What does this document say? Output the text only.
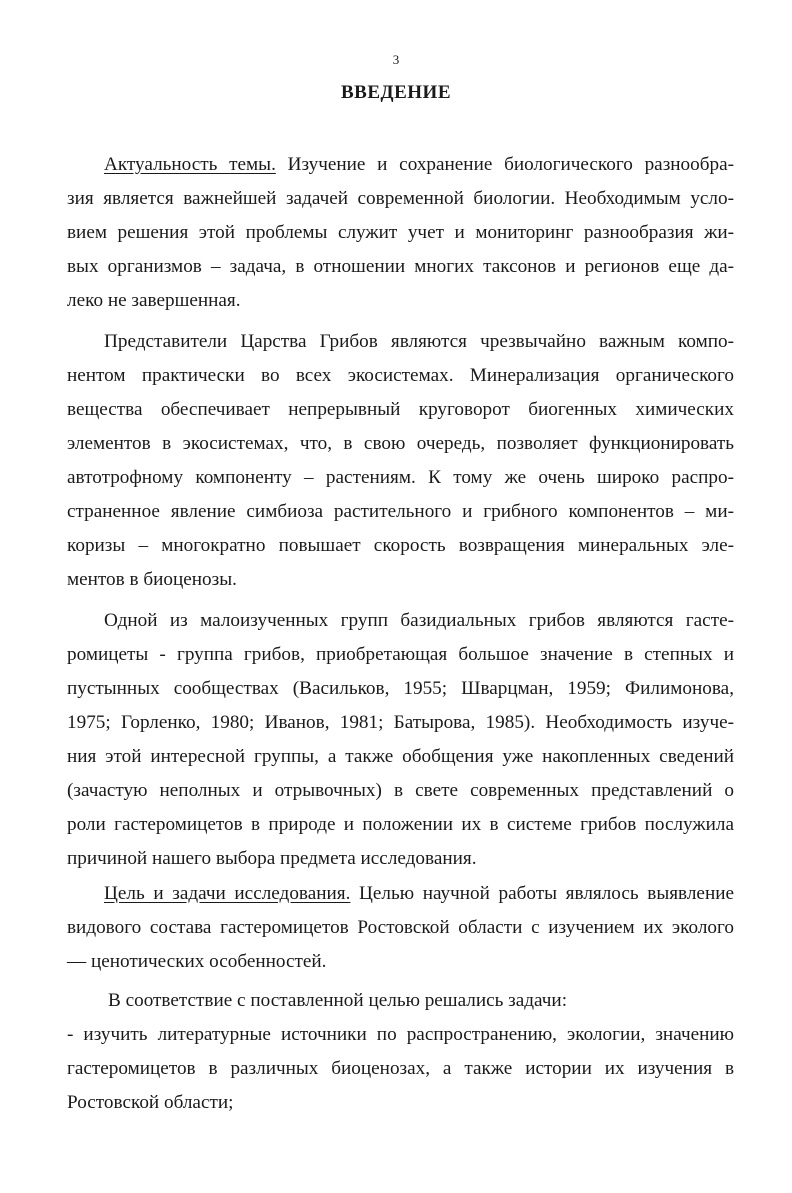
3
ВВЕДЕНИЕ
Актуальность темы. Изучение и сохранение биологического разнообра-
зия является важнейшей задачей современной биологии. Необходимым усло-
вием решения этой проблемы служит учет и мониторинг разнообразия жи-
вых организмов – задача, в отношении многих таксонов и регионов еще да-
леко не завершенная.
Представители Царства Грибов являются чрезвычайно важным компо-
нентом практически во всех экосистемах. Минерализация органического
вещества обеспечивает непрерывный круговорот биогенных химических
элементов в экосистемах, что, в свою очередь, позволяет функционировать
автотрофному компоненту – растениям. К тому же очень широко распро-
страненное явление симбиоза растительного и грибного компонентов – ми-
коризы – многократно повышает скорость возвращения минеральных эле-
ментов в биоценозы.
Одной из малоизученных групп базидиальных грибов являются гасте-
ромицеты - группа грибов, приобретающая большое значение в степных и
пустынных сообществах (Васильков, 1955; Шварцман, 1959; Филимонова,
1975; Горленко, 1980; Иванов, 1981; Батырова, 1985). Необходимость изуче-
ния этой интересной группы, а также обобщения уже накопленных сведений
(зачастую неполных и отрывочных) в свете современных представлений о
роли гастеромицетов в природе и положении их в системе грибов послужила
причиной нашего выбора предмета исследования.
Цель и задачи исследования. Целью научной работы являлось выявление
видового состава гастеромицетов Ростовской области с изучением их эколого
— ценотических особенностей.
В соответствие с поставленной целью решались задачи:
- изучить литературные источники по распространению, экологии, значению
гастеромицетов в различных биоценозах, а также истории их изучения в
Ростовской области;
